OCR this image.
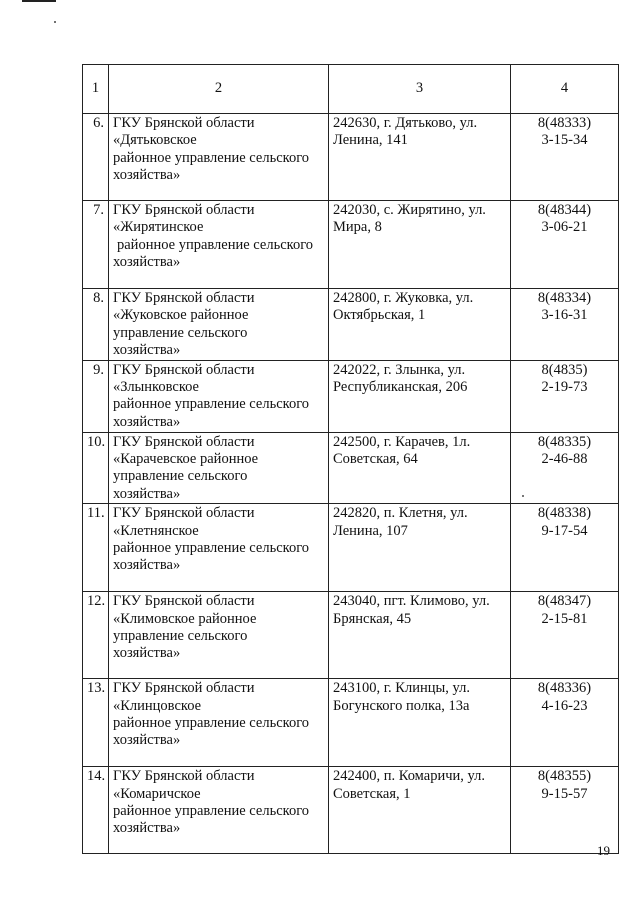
1	2	3	4
6.	ГКУ Брянской области
«Дятьковское
районное управление сельского
хозяйства»	242630, г. Дятьково, ул.
Ленина, 141	8(48333)
3-15-34

7.	ГКУ Брянской области
«Жирятинское
районное управление сельского
хозяйства»	242030, с. Жирятино, ул.
Мира, 8	8(48344)
3-06-21

8.	ГКУ Брянской области
«Жуковское районное
управление сельского
хозяйства»	242800, г. Жуковка, ул.
Октябрьская, 1	8(48334)
3-16-31

9.	ГКУ Брянской области
«Злынковское
районное управление сельского
хозяйства»	242022, г. Злынка, ул.
Республиканская, 206	8(4835)
2-19-73

10.	ГКУ Брянской области
«Карачевское районное
управление сельского
хозяйства»	242500, г. Карачев, 1л.
Советская, 64	8(48335)
2-46-88

11.	ГКУ Брянской области
«Клетнянское
районное управление сельского
хозяйства»	242820, п. Клетня, ул.
Ленина, 107	8(48338)
9-17-54

12.	ГКУ Брянской области
«Климовское районное
управление сельского
хозяйства»	243040, пгт. Климово, ул.
Брянская, 45	8(48347)
2-15-81

13.	ГКУ Брянской области
«Клинцовское
районное управление сельского
хозяйства»	243100, г. Клинцы, ул.
Богунского полка, 13а	8(48336)
4-16-23

14.	ГКУ Брянской области
«Комаричское
районное управление сельского
хозяйства»	242400, п. Комаричи, ул.
Советская, 1	8(48355)
9-15-57
19
